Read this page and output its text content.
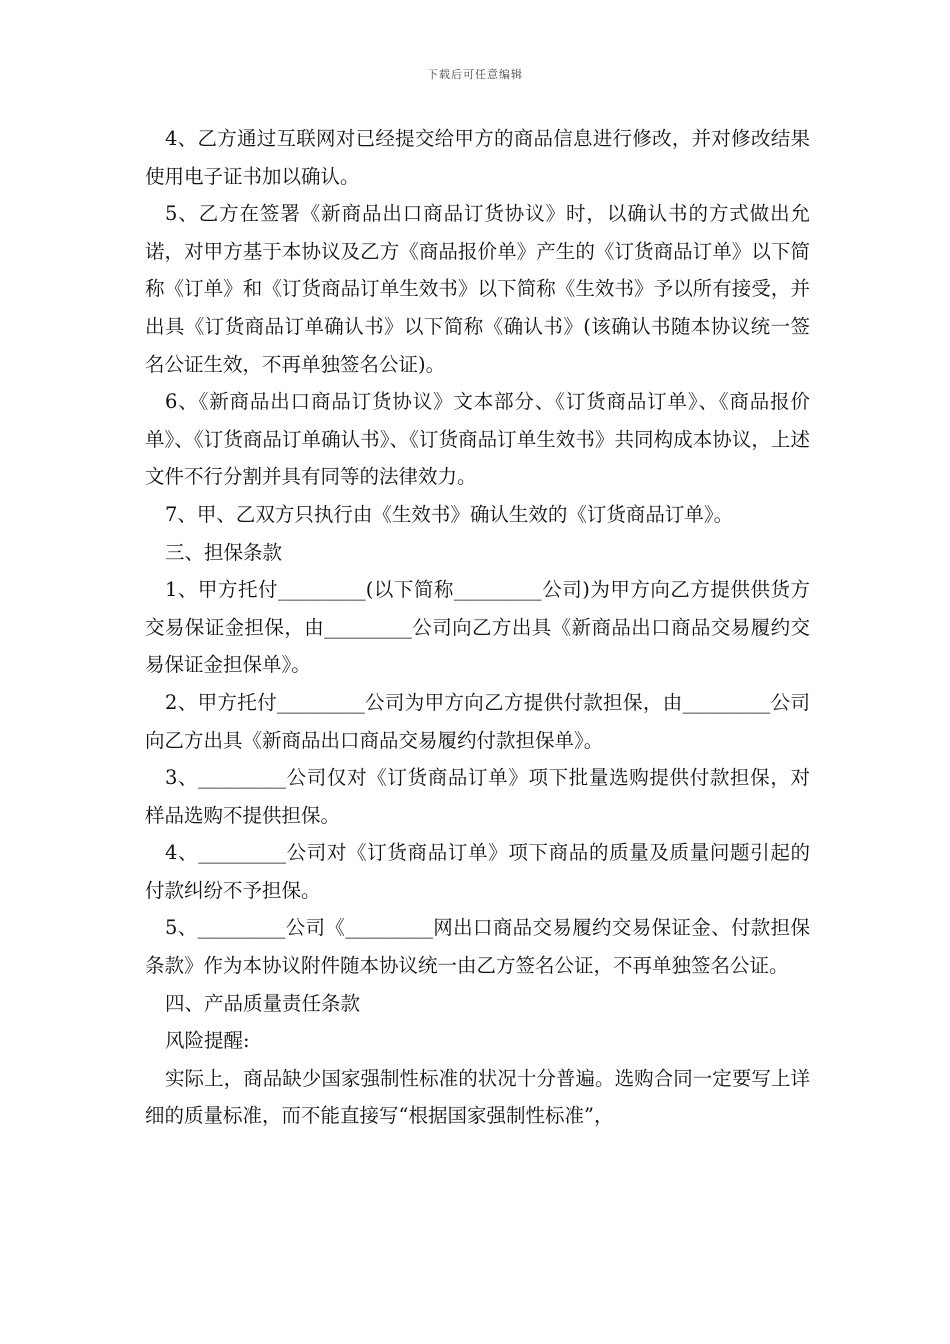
下载后可任意编辑

4、乙方通过互联网对已经提交给甲方的商品信息进行修改，并对修改结果使用电子证书加以确认。

5、乙方在签署《新商品出口商品订货协议》时，以确认书的方式做出允诺，对甲方基于本协议及乙方《商品报价单》产生的《订货商品订单》以下简称《订单》和《订货商品订单生效书》以下简称《生效书》予以所有接受，并出具《订货商品订单确认书》以下简称《确认书》(该确认书随本协议统一签名公证生效，不再单独签名公证)。

6、《新商品出口商品订货协议》文本部分、《订货商品订单》、《商品报价单》、《订货商品订单确认书》、《订货商品订单生效书》共同构成本协议，上述文件不行分割并具有同等的法律效力。

7、甲、乙双方只执行由《生效书》确认生效的《订货商品订单》。

三、担保条款

1、甲方托付_________(以下简称_________公司)为甲方向乙方提供供货方交易保证金担保，由_________公司向乙方出具《新商品出口商品交易履约交易保证金担保单》。

2、甲方托付_________公司为甲方向乙方提供付款担保，由_________公司向乙方出具《新商品出口商品交易履约付款担保单》。

3、_________公司仅对《订货商品订单》项下批量选购提供付款担保，对样品选购不提供担保。

4、_________公司对《订货商品订单》项下商品的质量及质量问题引起的付款纠纷不予担保。

5、_________公司《_________网出口商品交易履约交易保证金、付款担保条款》作为本协议附件随本协议统一由乙方签名公证，不再单独签名公证。

四、产品质量责任条款

风险提醒:

实际上，商品缺少国家强制性标准的状况十分普遍。选购合同一定要写上详细的质量标准，而不能直接写“根据国家强制性标准”，
